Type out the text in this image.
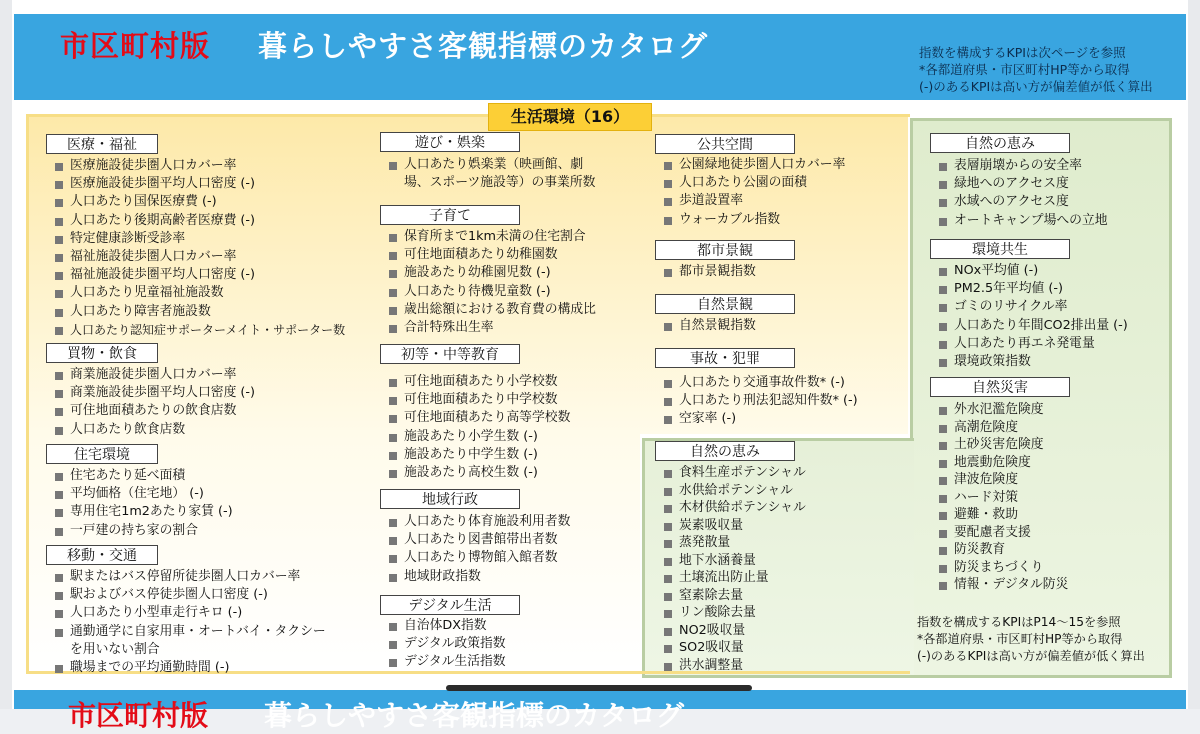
市区町村版 暮らしやすさ客観指標のカタログ	指数を構成するKPIは次ページを参照
*各都道府県・市区町村HP等から取得
(-)のあるKPIは高い方が偏差値が低く算出
生活環境（16）
医療・福祉
医療施設徒歩圏人口カバー率
医療施設徒歩圏平均人口密度 (-)
人口あたり国保医療費 (-)
人口あたり後期高齢者医療費 (-)
特定健康診断受診率
福祉施設徒歩圏人口カバー率
福祉施設徒歩圏平均人口密度 (-)
人口あたり児童福祉施設数
人口あたり障害者施設数
人口あたり認知症サポーターメイト・サポーター数
買物・飲食
商業施設徒歩圏人口カバー率
商業施設徒歩圏平均人口密度 (-)
可住地面積あたりの飲食店数
人口あたり飲食店数
住宅環境
住宅あたり延べ面積
平均価格（住宅地） (-)
専用住宅1m2あたり家賃 (-)
一戸建の持ち家の割合
移動・交通
駅またはバス停留所徒歩圏人口カバー率
駅およびバス停徒歩圏人口密度 (-)
人口あたり小型車走行キロ (-)
通勤通学に自家用車・オートバイ・タクシー
を用いない割合
職場までの平均通勤時間 (-)
遊び・娯楽
人口あたり娯楽業（映画館、劇
場、スポーツ施設等）の事業所数
子育て
保育所まで1km未満の住宅割合
可住地面積あたり幼稚園数
施設あたり幼稚園児数 (-)
人口あたり待機児童数 (-)
歳出総額における教育費の構成比
合計特殊出生率
初等・中等教育
可住地面積あたり小学校数
可住地面積あたり中学校数
可住地面積あたり高等学校数
施設あたり小学生数 (-)
施設あたり中学生数 (-)
施設あたり高校生数 (-)
地域行政
人口あたり体育施設利用者数
人口あたり図書館帯出者数
人口あたり博物館入館者数
地域財政指数
デジタル生活
自治体DX指数
デジタル政策指数
デジタル生活指数
公共空間
公園緑地徒歩圏人口カバー率
人口あたり公園の面積
歩道設置率
ウォーカブル指数
都市景観
都市景観指数
自然景観
自然景観指数
事故・犯罪
人口あたり交通事故件数* (-)
人口あたり刑法犯認知件数* (-)
空家率 (-)
自然の恵み
食料生産ポテンシャル
水供給ポテンシャル
木材供給ポテンシャル
炭素吸収量
蒸発散量
地下水涵養量
土壌流出防止量
窒素除去量
リン酸除去量
NO2吸収量
SO2吸収量
洪水調整量
自然の恵み
表層崩壊からの安全率
緑地へのアクセス度
水域へのアクセス度
オートキャンプ場への立地
環境共生
NOx平均値 (-)
PM2.5年平均値 (-)
ゴミのリサイクル率
人口あたり年間CO2排出量 (-)
人口あたり再エネ発電量
環境政策指数
自然災害
外水氾濫危険度
高潮危険度
土砂災害危険度
地震動危険度
津波危険度
ハード対策
避難・救助
要配慮者支援
防災教育
防災まちづくり
情報・デジタル防災
指数を構成するKPIはP14～15を参照
*各都道府県・市区町村HP等から取得
(-)のあるKPIは高い方が偏差値が低く算出
市区町村版 暮らしやすさ客観指標のカタログ
